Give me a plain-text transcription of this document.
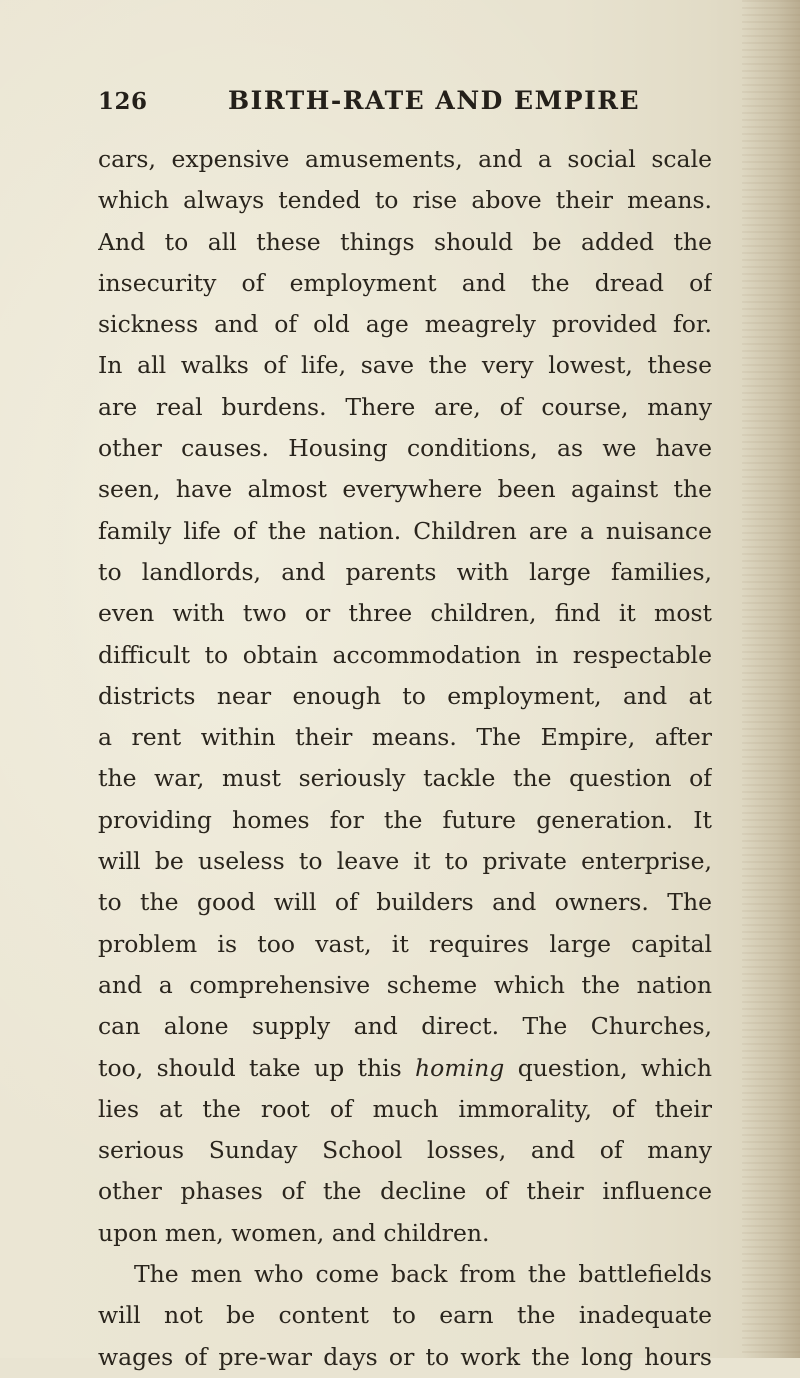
126	BIRTH-RATE AND EMPIRE
cars, expensive amusements, and a social scale
which always tended to rise above their means.
And to all these things should be added the
insecurity of employment and the dread of
sickness and of old age meagrely provided for.
In all walks of life, save the very lowest, these
are real burdens. There are, of course, many
other causes. Housing conditions, as we have
seen, have almost everywhere been against the
family life of the nation. Children are a nuisance
to landlords, and parents with large families,
even with two or three children, find it most
difficult to obtain accommodation in respectable
districts near enough to employment, and at
a rent within their means. The Empire, after
the war, must seriously tackle the question of
providing homes for the future generation. It
will be useless to leave it to private enterprise,
to the good will of builders and owners. The
problem is too vast, it requires large capital
and a comprehensive scheme which the nation
can alone supply and direct. The Churches,
too, should take up this homing question, which
lies at the root of much immorality, of their
serious Sunday School losses, and of many
other phases of the decline of their influence
upon men, women, and children.
The men who come back from the battlefields
will not be content to earn the inadequate
wages of pre-war days or to work the long hours
